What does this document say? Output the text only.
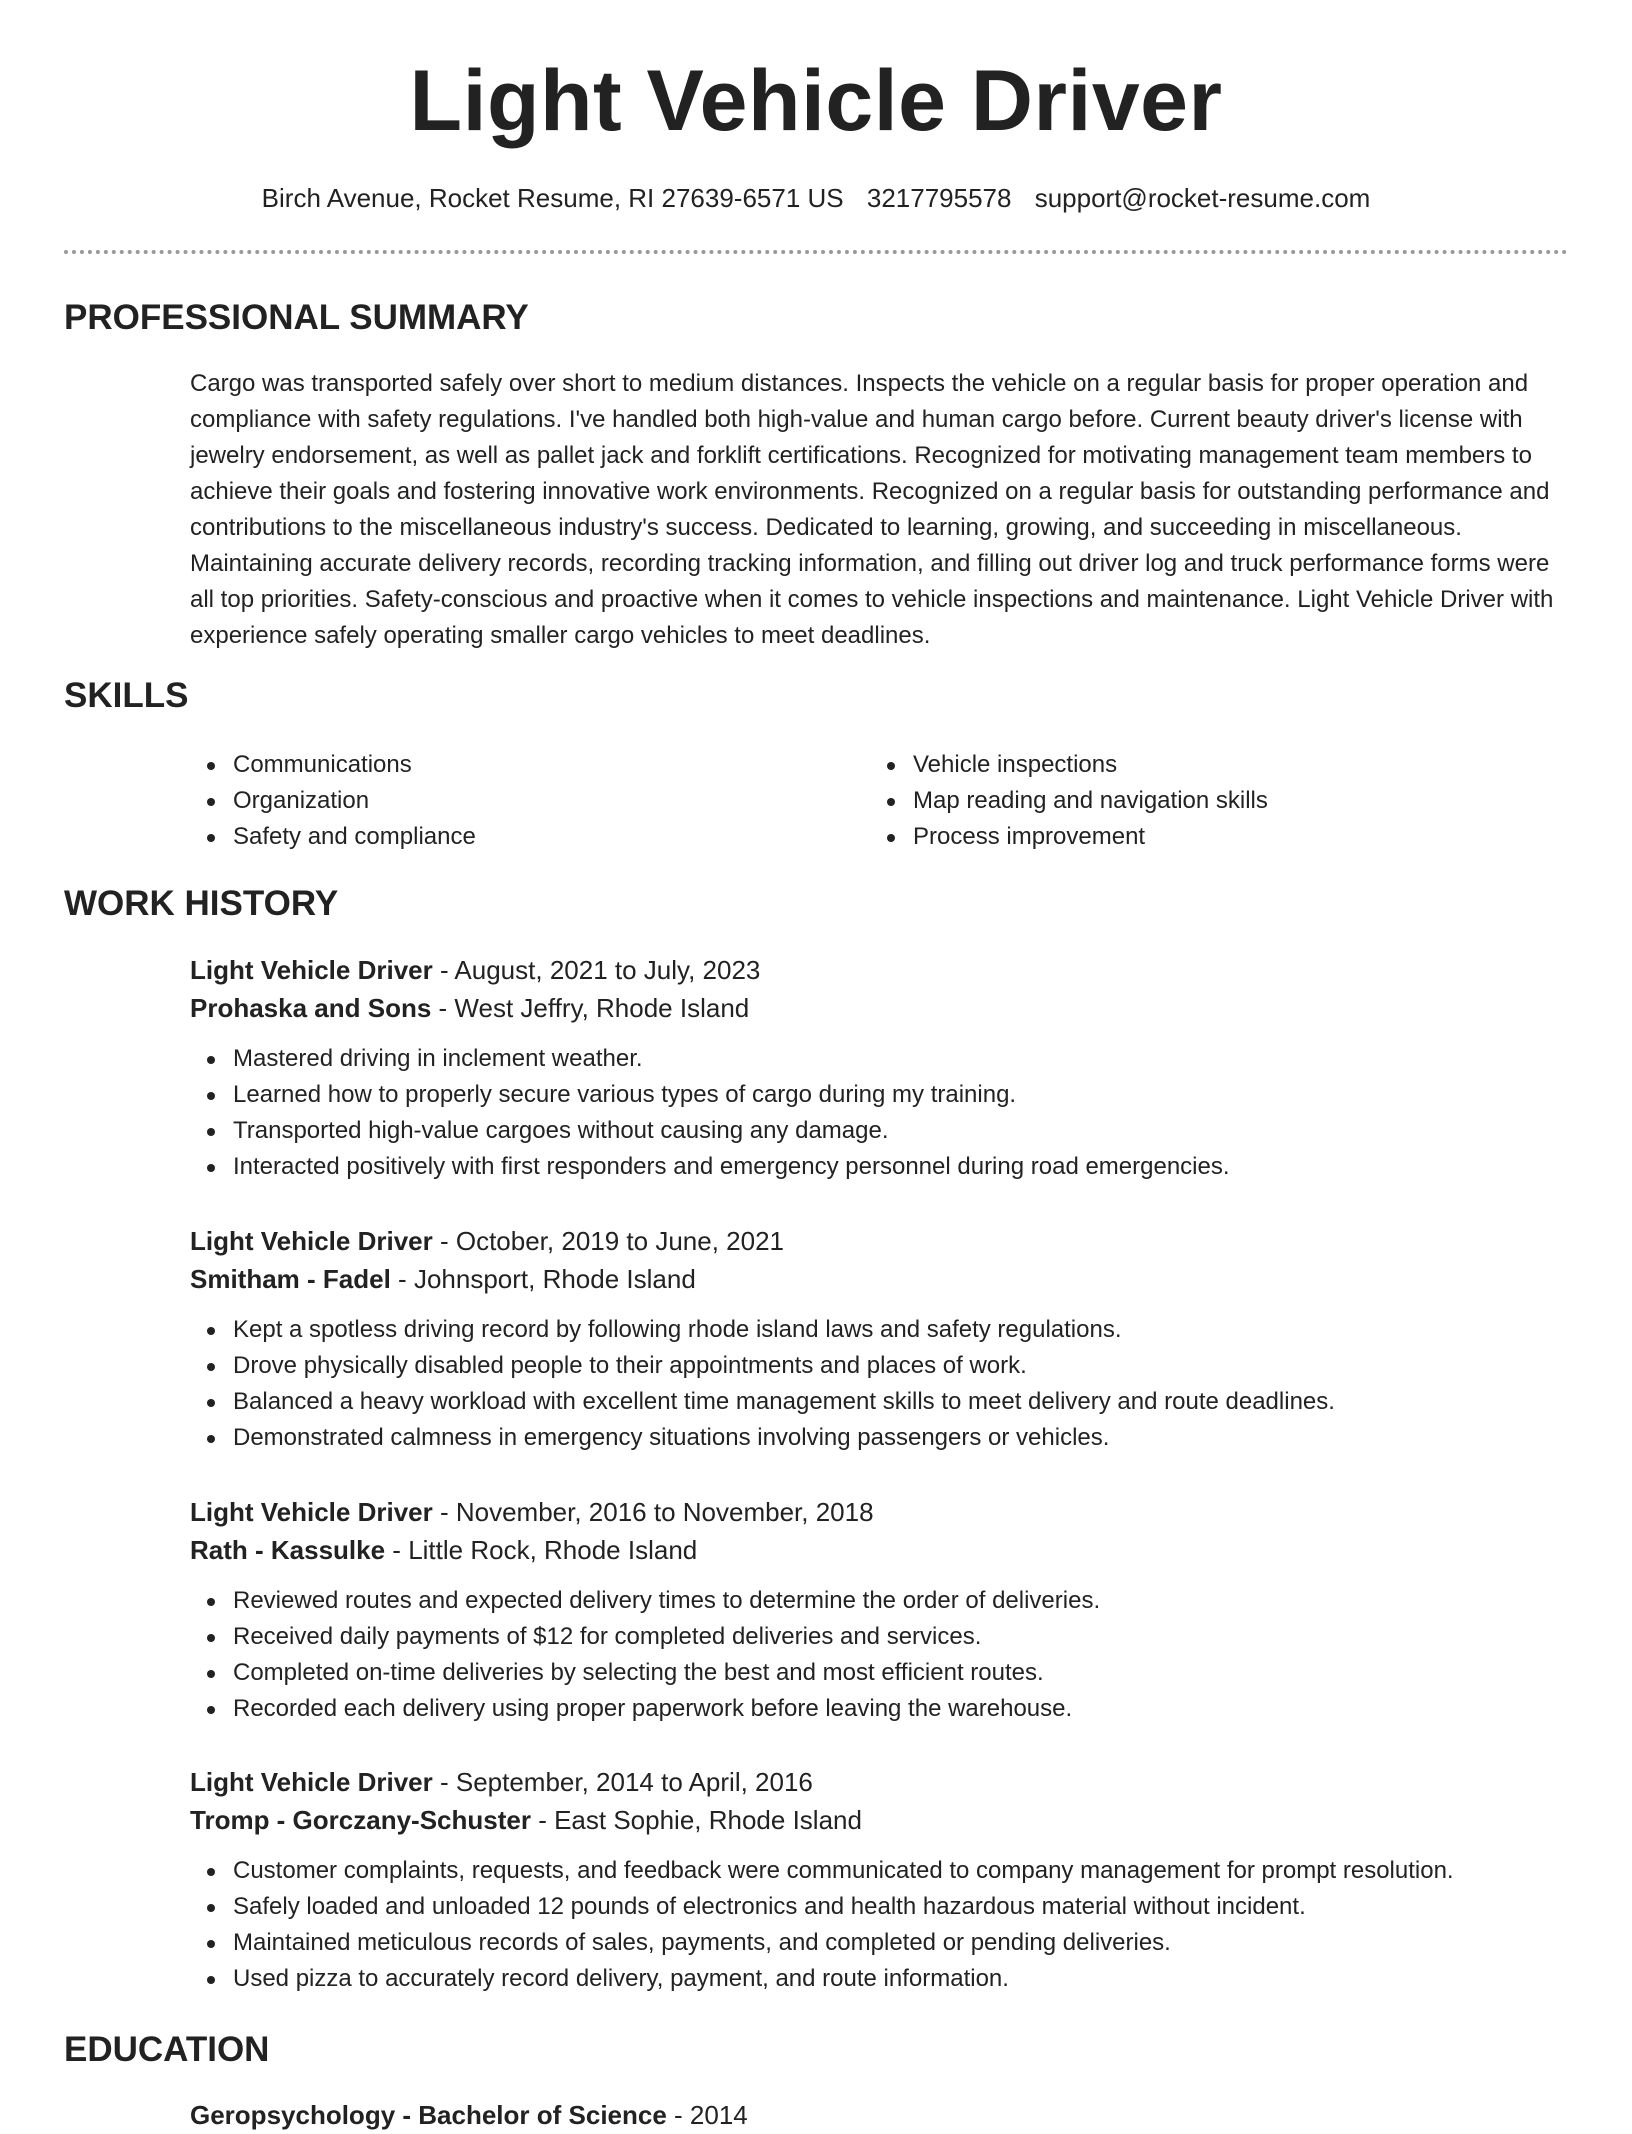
Light Vehicle Driver
Birch Avenue, Rocket Resume, RI 27639-6571 US 3217795578 support@rocket-resume.com
PROFESSIONAL SUMMARY

Cargo was transported safely over short to medium distances. Inspects the vehicle on a regular basis for proper operation and compliance with safety regulations. I've handled both high-value and human cargo before. Current beauty driver's license with jewelry endorsement, as well as pallet jack and forklift certifications. Recognized for motivating management team members to achieve their goals and fostering innovative work environments. Recognized on a regular basis for outstanding performance and contributions to the miscellaneous industry's success. Dedicated to learning, growing, and succeeding in miscellaneous. Maintaining accurate delivery records, recording tracking information, and filling out driver log and truck performance forms were all top priorities. Safety-conscious and proactive when it comes to vehicle inspections and maintenance. Light Vehicle Driver with experience safely operating smaller cargo vehicles to meet deadlines.

SKILLS
Communications
Organization
Safety and compliance
Vehicle inspections
Map reading and navigation skills
Process improvement
WORK HISTORY
Light Vehicle Driver - August, 2021 to July, 2023
Prohaska and Sons - West Jeffry, Rhode Island
Mastered driving in inclement weather.
Learned how to properly secure various types of cargo during my training.
Transported high-value cargoes without causing any damage.
Interacted positively with first responders and emergency personnel during road emergencies.
Light Vehicle Driver - October, 2019 to June, 2021
Smitham - Fadel - Johnsport, Rhode Island
Kept a spotless driving record by following rhode island laws and safety regulations.
Drove physically disabled people to their appointments and places of work.
Balanced a heavy workload with excellent time management skills to meet delivery and route deadlines.
Demonstrated calmness in emergency situations involving passengers or vehicles.
Light Vehicle Driver - November, 2016 to November, 2018
Rath - Kassulke - Little Rock, Rhode Island
Reviewed routes and expected delivery times to determine the order of deliveries.
Received daily payments of $12 for completed deliveries and services.
Completed on-time deliveries by selecting the best and most efficient routes.
Recorded each delivery using proper paperwork before leaving the warehouse.
Light Vehicle Driver - September, 2014 to April, 2016
Tromp - Gorczany-Schuster - East Sophie, Rhode Island
Customer complaints, requests, and feedback were communicated to company management for prompt resolution.
Safely loaded and unloaded 12 pounds of electronics and health hazardous material without incident.
Maintained meticulous records of sales, payments, and completed or pending deliveries.
Used pizza to accurately record delivery, payment, and route information.
EDUCATION
Geropsychology - Bachelor of Science - 2014
